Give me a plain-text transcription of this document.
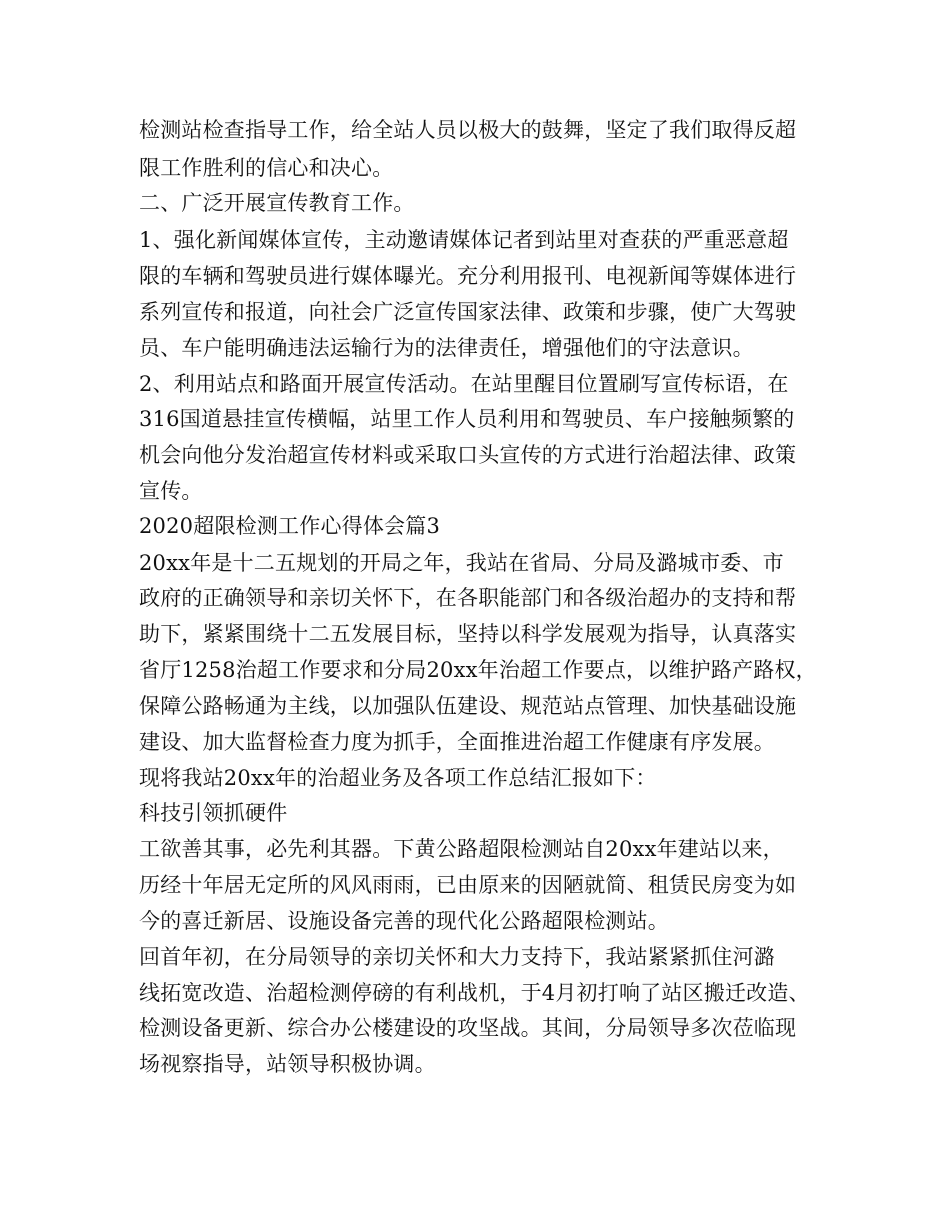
检测站检查指导工作，给全站人员以极大的鼓舞，坚定了我们取得反超
限工作胜利的信心和决心。
二、广泛开展宣传教育工作。
1、强化新闻媒体宣传，主动邀请媒体记者到站里对查获的严重恶意超
限的车辆和驾驶员进行媒体曝光。充分利用报刊、电视新闻等媒体进行
系列宣传和报道，向社会广泛宣传国家法律、政策和步骤，使广大驾驶
员、车户能明确违法运输行为的法律责任，增强他们的守法意识。
2、利用站点和路面开展宣传活动。在站里醒目位置刷写宣传标语，在
316国道悬挂宣传横幅，站里工作人员利用和驾驶员、车户接触频繁的
机会向他分发治超宣传材料或采取口头宣传的方式进行治超法律、政策
宣传。
2020超限检测工作心得体会篇3
20xx年是十二五规划的开局之年，我站在省局、分局及潞城市委、市
政府的正确领导和亲切关怀下，在各职能部门和各级治超办的支持和帮
助下，紧紧围绕十二五发展目标，坚持以科学发展观为指导，认真落实
省厅1258治超工作要求和分局20xx年治超工作要点，以维护路产路权，
保障公路畅通为主线，以加强队伍建设、规范站点管理、加快基础设施
建设、加大监督检查力度为抓手，全面推进治超工作健康有序发展。
现将我站20xx年的治超业务及各项工作总结汇报如下：
科技引领抓硬件
工欲善其事，必先利其器。下黄公路超限检测站自20xx年建站以来，
历经十年居无定所的风风雨雨，已由原来的因陋就简、租赁民房变为如
今的喜迁新居、设施设备完善的现代化公路超限检测站。
回首年初，在分局领导的亲切关怀和大力支持下，我站紧紧抓住河潞
线拓宽改造、治超检测停磅的有利战机，于4月初打响了站区搬迁改造、
检测设备更新、综合办公楼建设的攻坚战。其间，分局领导多次莅临现
场视察指导，站领导积极协调。
